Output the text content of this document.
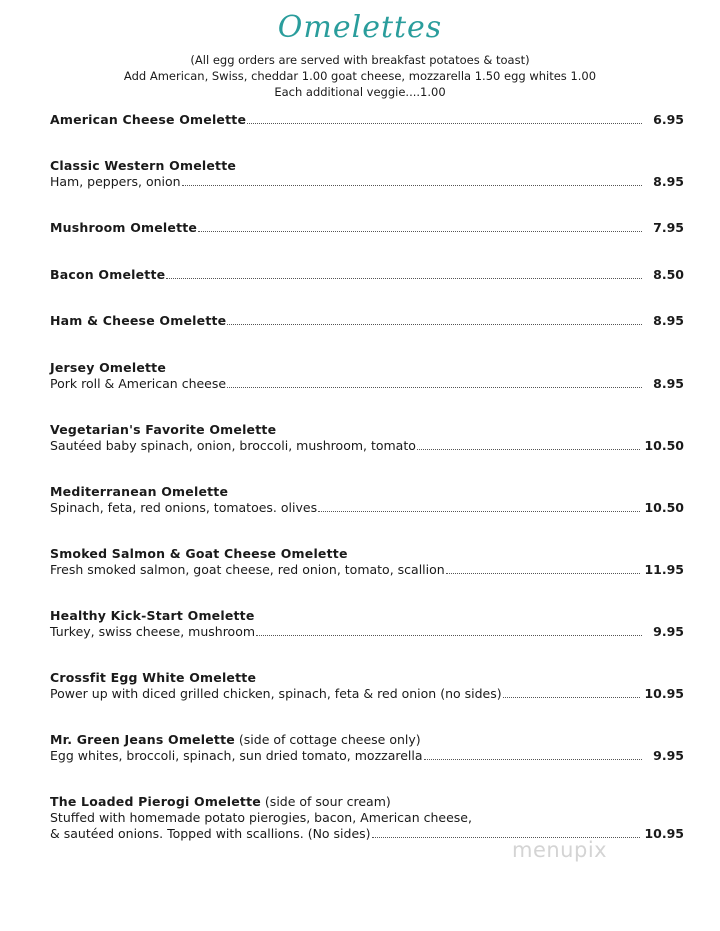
Omelettes
(All egg orders are served with breakfast potatoes & toast)
Add American, Swiss, cheddar 1.00 goat cheese, mozzarella 1.50 egg whites 1.00
Each additional veggie....1.00
American Cheese Omelette	6.95
Classic Western Omelette
Ham, peppers, onion	8.95
Mushroom Omelette	7.95
Bacon Omelette	8.50
Ham & Cheese Omelette	8.95
Jersey Omelette
Pork roll & American cheese	8.95
Vegetarian's Favorite Omelette
Sautéed baby spinach, onion, broccoli, mushroom, tomato	10.50
Mediterranean Omelette
Spinach, feta, red onions, tomatoes. olives	10.50
Smoked Salmon & Goat Cheese Omelette
Fresh smoked salmon, goat cheese, red onion, tomato, scallion	11.95
Healthy Kick-Start Omelette
Turkey, swiss cheese, mushroom	9.95
Crossfit Egg White Omelette
Power up with diced grilled chicken, spinach, feta & red onion (no sides)	10.95
Mr. Green Jeans Omelette (side of cottage cheese only)
Egg whites, broccoli, spinach, sun dried tomato, mozzarella	9.95
The Loaded Pierogi Omelette (side of sour cream)
Stuffed with homemade potato pierogies, bacon, American cheese,
& sautéed onions. Topped with scallions. (No sides)	10.95
menupix
